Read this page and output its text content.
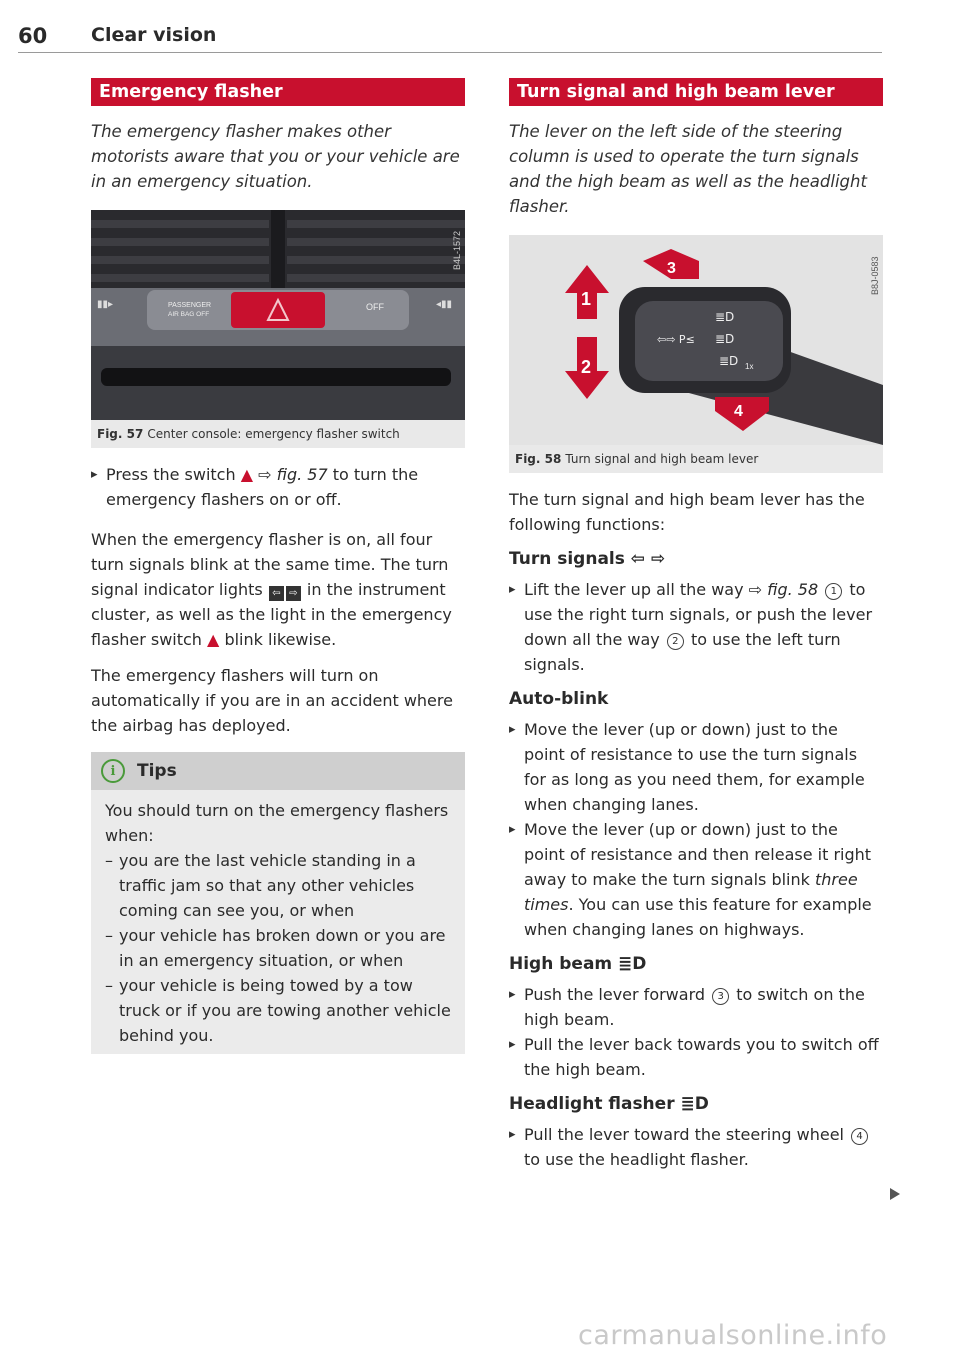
60 Clear vision
Emergency flasher
The emergency flasher makes other motorists aware that you or your vehicle are in an emergency situation.
PASSENGER
AIR BAG OFF
OFF
▮▮▸	◂▮▮
B4L-1572
Fig. 57 Center console: emergency flasher switch
▸ Press the switch ▲ ⇨ fig. 57 to turn the emergency flashers on or off.

When the emergency flasher is on, all four turn signals blink at the same time. The turn signal indicator lights ⇦ ⇨ in the instrument cluster, as well as the light in the emergency flasher switch ▲ blink likewise.

The emergency flashers will turn on automatically if you are in an accident where the airbag has deployed.

i	Tips

You should turn on the emergency flashers when:

– you are the last vehicle standing in a traffic jam so that any other vehicles coming can see you, or when
– your vehicle has broken down or you are in an emergency situation, or when
– your vehicle is being towed by a tow truck or if you are towing another vehicle behind you.
Turn signal and high beam lever
The lever on the left side of the steering column is used to operate the turn signals and the high beam as well as the headlight flasher.
⇦⇨ P≤
≣D
≣D
≣D 1x
1
2
3
4
B8J-0583
Fig. 58 Turn signal and high beam lever

The turn signal and high beam lever has the following functions:

Turn signals ⇦ ⇨
▸ Lift the lever up all the way ⇨ fig. 58 1 to use the right turn signals, or push the lever down all the way 2 to use the left turn signals.
Auto-blink
▸ Move the lever (up or down) just to the point of resistance to use the turn signals for as long as you need them, for example when changing lanes.
▸ Move the lever (up or down) just to the point of resistance and then release it right away to make the turn signals blink three times. You can use this feature for example when changing lanes on highways.
High beam ≣D
▸ Push the lever forward 3 to switch on the high beam.
▸ Pull the lever back towards you to switch off the high beam.
Headlight flasher ≣D
▸ Pull the lever toward the steering wheel 4 to use the headlight flasher.
carmanualsonline.info
